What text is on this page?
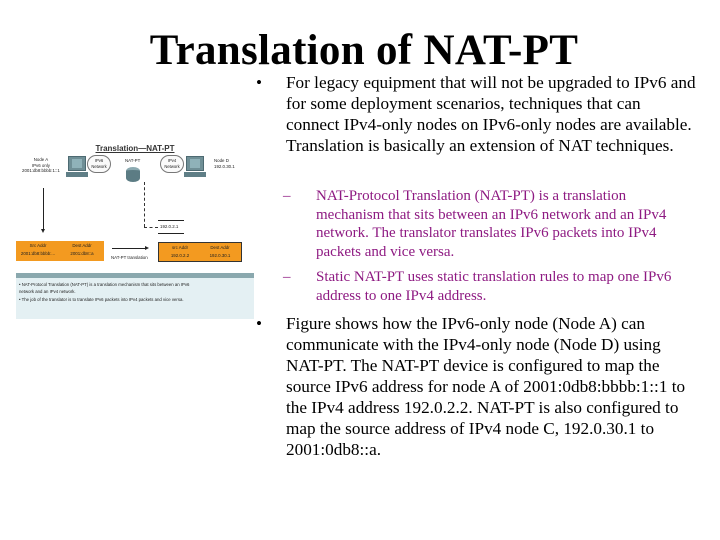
Translation of NAT-PT
Translation—NAT-PT
Node A
IPv6 only
2001:db8:bbbb:1::1
IPv6
Network
NAT-PT	IPv4
Network
Node D
192.0.30.1
192.0.2.1
Src Addr
2001:db8:bbbb:...
Dest Addr
2001:db8::a
NAT-PT translation
src Addr
192.0.2.2
Dest Addr
192.0.30.1
• NAT-Protocol Translation (NAT-PT) is a translation mechanism that sits between an IPv6
network and an IPv4 network.
• The job of the translator is to translate IPv6 packets into IPv4 packets and vice versa.
• For legacy equipment that will not be upgraded to IPv6 and for some deployment scenarios, techniques that can connect IPv4-only nodes on IPv6-only nodes are available. Translation is basically an extension of NAT techniques.
– NAT-Protocol Translation (NAT-PT) is a translation mechanism that sits between an IPv6 network and an IPv4 network. The translator translates IPv6 packets into IPv4 packets and vice versa.
– Static NAT-PT uses static translation rules to map one IPv6 address to one IPv4 address.
• Figure shows how the IPv6-only node (Node A) can communicate with the IPv4-only node (Node D) using NAT-PT. The NAT-PT device is configured to map the source IPv6 address for node A of 2001:0db8:bbbb:1::1 to the IPv4 address 192.0.2.2. NAT-PT is also configured to map the source address of IPv4 node C, 192.0.30.1 to 2001:0db8::a.
